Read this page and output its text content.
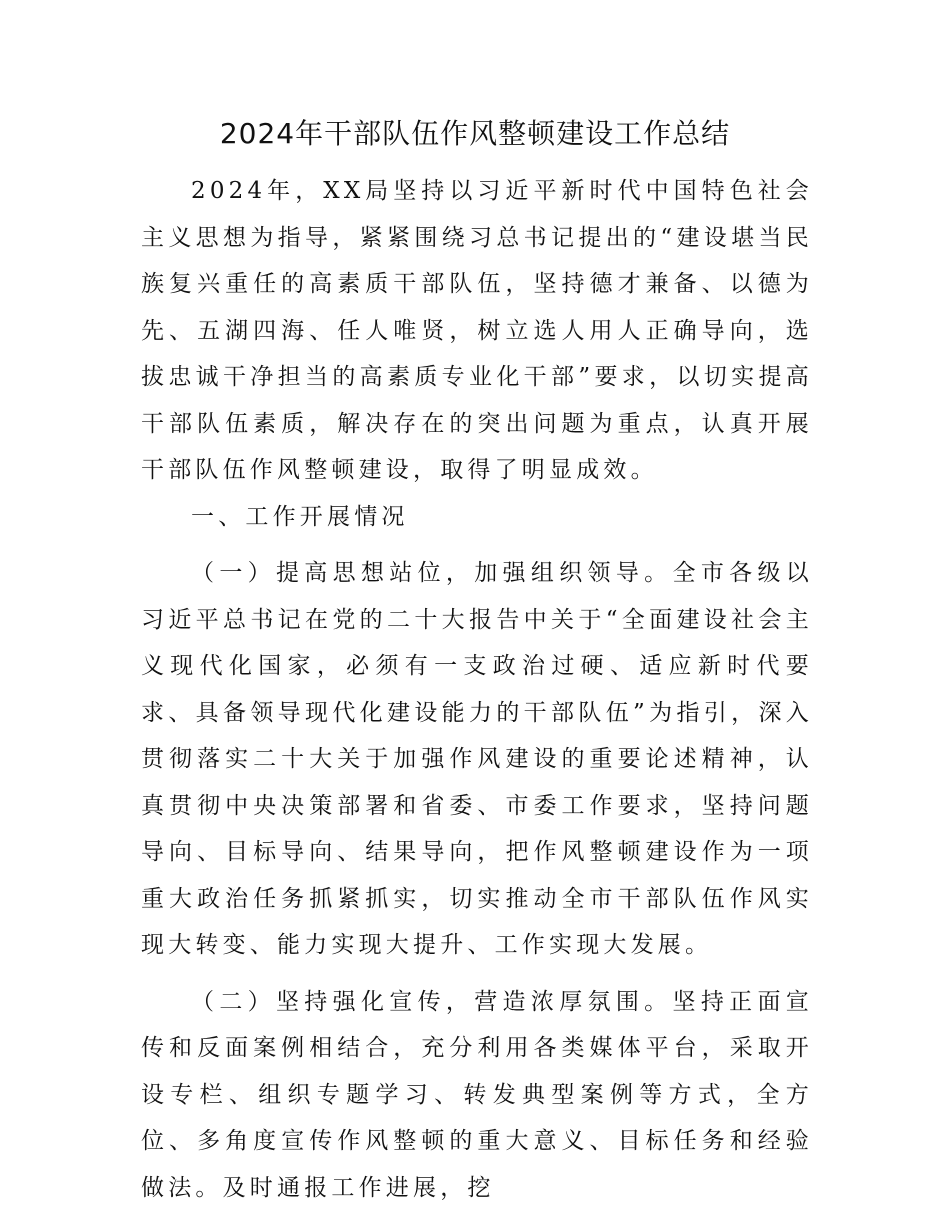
2024年干部队伍作风整顿建设工作总结

2024年，XX局坚持以习近平新时代中国特色社会主义思想为指导，紧紧围绕习总书记提出的“建设堪当民族复兴重任的高素质干部队伍，坚持德才兼备、以德为先、五湖四海、任人唯贤，树立选人用人正确导向，选拔忠诚干净担当的高素质专业化干部”要求，以切实提高干部队伍素质，解决存在的突出问题为重点，认真开展干部队伍作风整顿建设，取得了明显成效。

一、工作开展情况

（一）提高思想站位，加强组织领导。全市各级以习近平总书记在党的二十大报告中关于“全面建设社会主义现代化国家，必须有一支政治过硬、适应新时代要求、具备领导现代化建设能力的干部队伍”为指引，深入贯彻落实二十大关于加强作风建设的重要论述精神，认真贯彻中央决策部署和省委、市委工作要求，坚持问题导向、目标导向、结果导向，把作风整顿建设作为一项重大政治任务抓紧抓实，切实推动全市干部队伍作风实现大转变、能力实现大提升、工作实现大发展。

（二）坚持强化宣传，营造浓厚氛围。坚持正面宣传和反面案例相结合，充分利用各类媒体平台，采取开设专栏、组织专题学习、转发典型案例等方式，全方位、多角度宣传作风整顿的重大意义、目标任务和经验做法。及时通报工作进展，挖
